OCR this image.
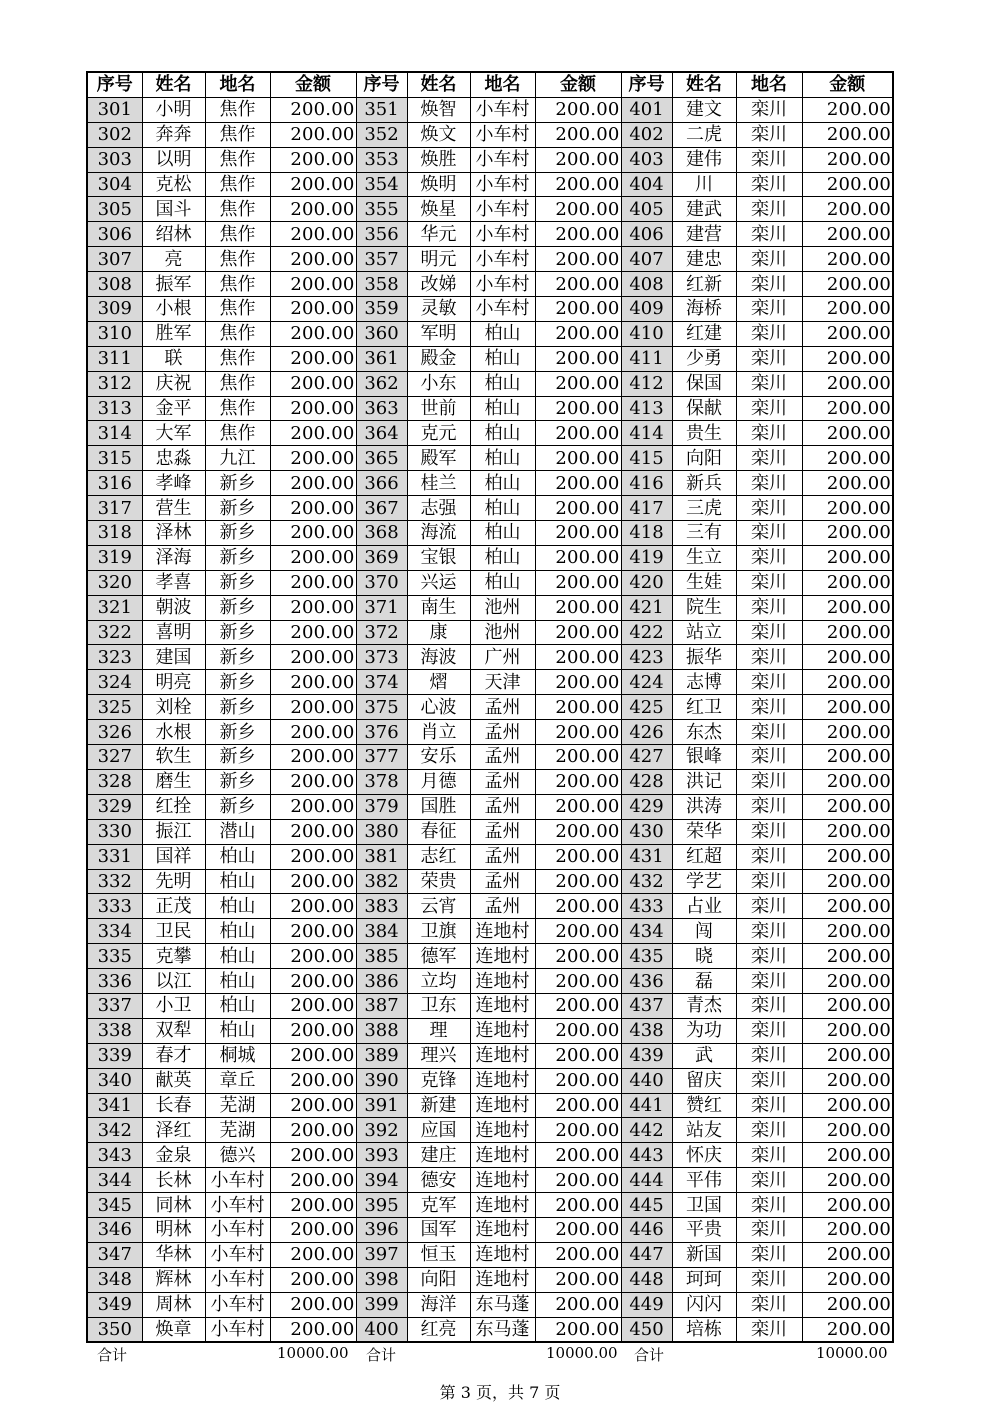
序号	姓名	地名	金额	序号	姓名	地名	金额	序号	姓名	地名	金额
301	小明	焦作	200.00	351	焕智	小车村	200.00	401	建文	栾川	200.00
302	奔奔	焦作	200.00	352	焕文	小车村	200.00	402	二虎	栾川	200.00
303	以明	焦作	200.00	353	焕胜	小车村	200.00	403	建伟	栾川	200.00
304	克松	焦作	200.00	354	焕明	小车村	200.00	404	川	栾川	200.00
305	国斗	焦作	200.00	355	焕星	小车村	200.00	405	建武	栾川	200.00
306	绍林	焦作	200.00	356	华元	小车村	200.00	406	建营	栾川	200.00
307	亮	焦作	200.00	357	明元	小车村	200.00	407	建忠	栾川	200.00
308	振军	焦作	200.00	358	改娣	小车村	200.00	408	红新	栾川	200.00
309	小根	焦作	200.00	359	灵敏	小车村	200.00	409	海桥	栾川	200.00
310	胜军	焦作	200.00	360	军明	柏山	200.00	410	红建	栾川	200.00
311	联	焦作	200.00	361	殿金	柏山	200.00	411	少勇	栾川	200.00
312	庆祝	焦作	200.00	362	小东	柏山	200.00	412	保国	栾川	200.00
313	金平	焦作	200.00	363	世前	柏山	200.00	413	保献	栾川	200.00
314	大军	焦作	200.00	364	克元	柏山	200.00	414	贵生	栾川	200.00
315	忠淼	九江	200.00	365	殿军	柏山	200.00	415	向阳	栾川	200.00
316	孝峰	新乡	200.00	366	桂兰	柏山	200.00	416	新兵	栾川	200.00
317	营生	新乡	200.00	367	志强	柏山	200.00	417	三虎	栾川	200.00
318	泽林	新乡	200.00	368	海流	柏山	200.00	418	三有	栾川	200.00
319	泽海	新乡	200.00	369	宝银	柏山	200.00	419	生立	栾川	200.00
320	孝喜	新乡	200.00	370	兴运	柏山	200.00	420	生娃	栾川	200.00
321	朝波	新乡	200.00	371	南生	池州	200.00	421	院生	栾川	200.00
322	喜明	新乡	200.00	372	康	池州	200.00	422	站立	栾川	200.00
323	建国	新乡	200.00	373	海波	广州	200.00	423	振华	栾川	200.00
324	明亮	新乡	200.00	374	熠	天津	200.00	424	志博	栾川	200.00
325	刘栓	新乡	200.00	375	心波	孟州	200.00	425	红卫	栾川	200.00
326	水根	新乡	200.00	376	肖立	孟州	200.00	426	东杰	栾川	200.00
327	软生	新乡	200.00	377	安乐	孟州	200.00	427	银峰	栾川	200.00
328	磨生	新乡	200.00	378	月德	孟州	200.00	428	洪记	栾川	200.00
329	红拴	新乡	200.00	379	国胜	孟州	200.00	429	洪涛	栾川	200.00
330	振江	潜山	200.00	380	春征	孟州	200.00	430	荣华	栾川	200.00
331	国祥	柏山	200.00	381	志红	孟州	200.00	431	红超	栾川	200.00
332	先明	柏山	200.00	382	荣贵	孟州	200.00	432	学艺	栾川	200.00
333	正茂	柏山	200.00	383	云宵	孟州	200.00	433	占业	栾川	200.00
334	卫民	柏山	200.00	384	卫旗	连地村	200.00	434	闯	栾川	200.00
335	克攀	柏山	200.00	385	德军	连地村	200.00	435	晓	栾川	200.00
336	以江	柏山	200.00	386	立均	连地村	200.00	436	磊	栾川	200.00
337	小卫	柏山	200.00	387	卫东	连地村	200.00	437	青杰	栾川	200.00
338	双犁	柏山	200.00	388	理	连地村	200.00	438	为功	栾川	200.00
339	春才	桐城	200.00	389	理兴	连地村	200.00	439	武	栾川	200.00
340	献英	章丘	200.00	390	克锋	连地村	200.00	440	留庆	栾川	200.00
341	长春	芜湖	200.00	391	新建	连地村	200.00	441	赞红	栾川	200.00
342	泽红	芜湖	200.00	392	应国	连地村	200.00	442	站友	栾川	200.00
343	金泉	德兴	200.00	393	建庄	连地村	200.00	443	怀庆	栾川	200.00
344	长林	小车村	200.00	394	德安	连地村	200.00	444	平伟	栾川	200.00
345	同林	小车村	200.00	395	克军	连地村	200.00	445	卫国	栾川	200.00
346	明林	小车村	200.00	396	国军	连地村	200.00	446	平贵	栾川	200.00
347	华林	小车村	200.00	397	恒玉	连地村	200.00	447	新国	栾川	200.00
348	辉林	小车村	200.00	398	向阳	连地村	200.00	448	珂珂	栾川	200.00
349	周林	小车村	200.00	399	海洋	东马蓬	200.00	449	闪闪	栾川	200.00
350	焕章	小车村	200.00	400	红亮	东马蓬	200.00	450	培栋	栾川	200.00
合计	10000.00 合计	10000.00 合计	10000.00
第 3 页，共 7 页
